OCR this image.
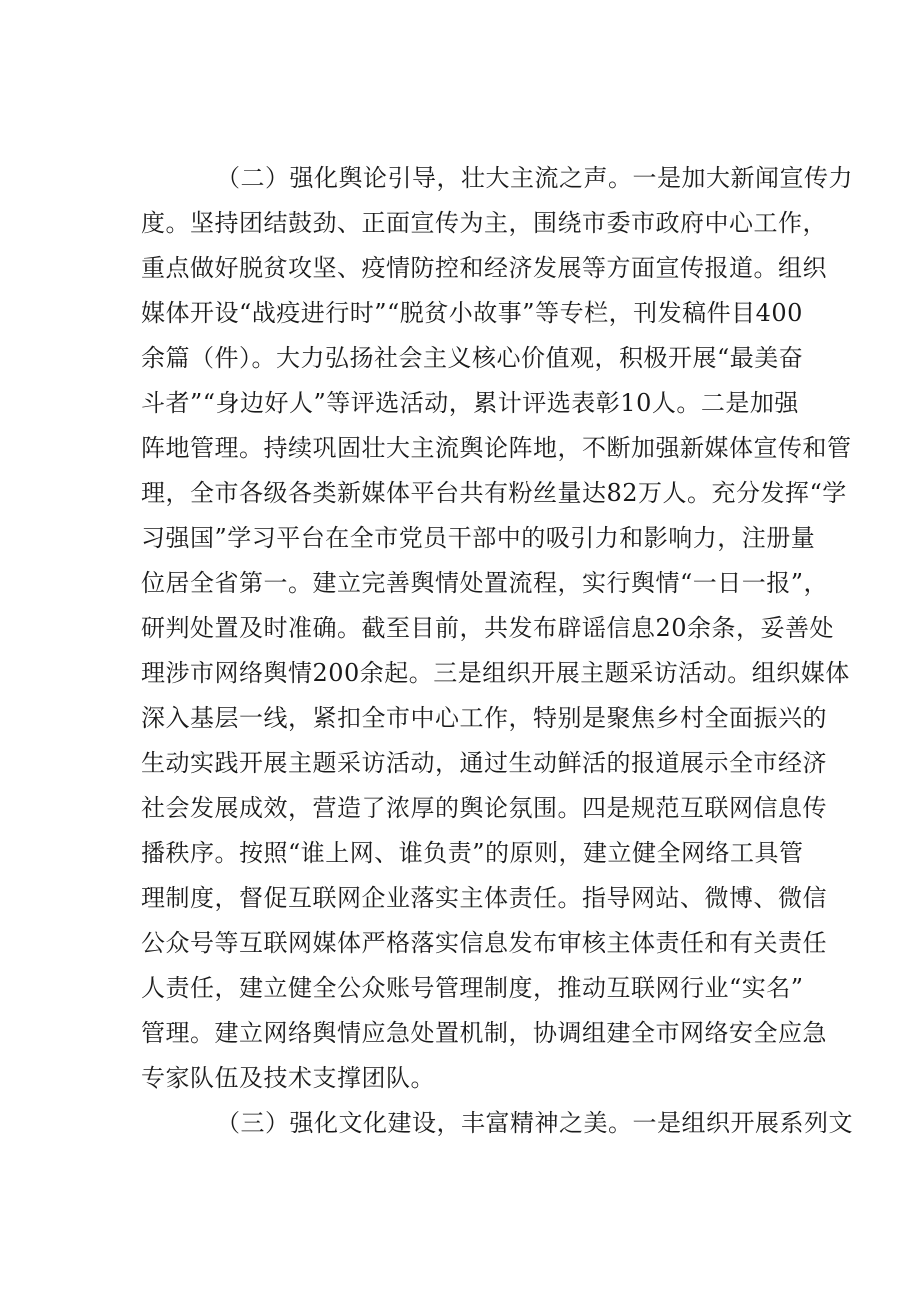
（二）强化舆论引导，壮大主流之声。一是加大新闻宣传力
度。坚持团结鼓劲、正面宣传为主，围绕市委市政府中心工作，
重点做好脱贫攻坚、疫情防控和经济发展等方面宣传报道。组织
媒体开设“战疫进行时”“脱贫小故事”等专栏，刊发稿件目400
余篇（件）。大力弘扬社会主义核心价值观，积极开展“最美奋
斗者”“身边好人”等评选活动，累计评选表彰10人。二是加强
阵地管理。持续巩固壮大主流舆论阵地，不断加强新媒体宣传和管
理，全市各级各类新媒体平台共有粉丝量达82万人。充分发挥“学
习强国”学习平台在全市党员干部中的吸引力和影响力，注册量
位居全省第一。建立完善舆情处置流程，实行舆情“一日一报”，
研判处置及时准确。截至目前，共发布辟谣信息20余条，妥善处
理涉市网络舆情200余起。三是组织开展主题采访活动。组织媒体
深入基层一线，紧扣全市中心工作，特别是聚焦乡村全面振兴的
生动实践开展主题采访活动，通过生动鲜活的报道展示全市经济
社会发展成效，营造了浓厚的舆论氛围。四是规范互联网信息传
播秩序。按照“谁上网、谁负责”的原则，建立健全网络工具管
理制度，督促互联网企业落实主体责任。指导网站、微博、微信
公众号等互联网媒体严格落实信息发布审核主体责任和有关责任
人责任，建立健全公众账号管理制度，推动互联网行业“实名”
管理。建立网络舆情应急处置机制，协调组建全市网络安全应急
专家队伍及技术支撑团队。
（三）强化文化建设，丰富精神之美。一是组织开展系列文
